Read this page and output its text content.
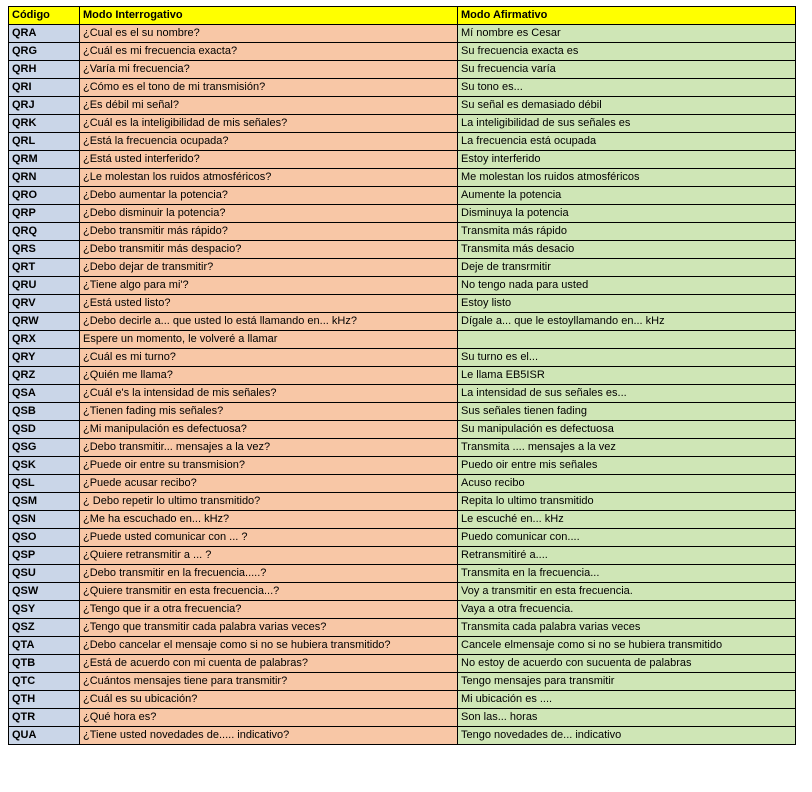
Código	Modo Interrogativo	Modo Afirmativo
QRA	¿Cual es el su nombre?	Mí nombre es Cesar
QRG	¿Cuál es mi frecuencia exacta?	Su frecuencia exacta es
QRH	¿Varía mi frecuencia?	Su frecuencia varía
QRI	¿Cómo es el tono de mi transmisión?	Su tono es...
QRJ	¿Es débil mi señal?	Su señal es demasiado débil
QRK	¿Cuál es la inteligibilidad de mis señales?	La inteligibilidad de sus señales es
QRL	¿Está la frecuencia ocupada?	La frecuencia está ocupada
QRM	¿Está usted interferido?	Estoy interferido
QRN	¿Le molestan los ruidos atmosféricos?	Me molestan los ruidos atmosféricos
QRO	¿Debo aumentar la potencia?	Aumente la potencia
QRP	¿Debo disminuir la potencia?	Disminuya la potencia
QRQ	¿Debo transmitir más rápido?	Transmita más rápido
QRS	¿Debo transmitir más despacio?	Transmita más desacio
QRT	¿Debo dejar de transmitir?	Deje de transrmitir
QRU	¿Tiene algo para mi'?	No tengo nada para usted
QRV	¿Está usted listo?	Estoy listo
QRW	¿Debo decirle a... que usted lo está llamando en... kHz?	Dígale a... que le estoyllamando en... kHz
QRX	Espere un momento, le volveré a llamar	
QRY	¿Cuál es mi turno?	Su turno es el...
QRZ	¿Quién me llama?	Le llama EB5ISR
QSA	¿Cuál e's la intensidad de mis señales?	La intensidad de sus señales es...
QSB	¿Tienen fading mis señales?	Sus señales tienen fading
QSD	¿Mi manipulación es defectuosa?	Su manipulación es defectuosa
QSG	¿Debo transmitir... mensajes a la vez?	Transmita .... mensajes a la vez
QSK	¿Puede oir entre su transmision?	Puedo oir entre mis señales
QSL	¿Puede acusar recibo?	Acuso recibo
QSM	¿ Debo repetir lo ultimo transmitido?	Repita lo ultimo transmitido
QSN	¿Me ha escuchado en... kHz?	Le escuché en... kHz
QSO	¿Puede usted comunicar con ... ?	Puedo comunicar con....
QSP	¿Quiere retransmitir a ... ?	Retransmitiré a....
QSU	¿Debo transmitir en la frecuencia.....?	Transmita en la frecuencia...
QSW	¿Quiere transmitir en esta frecuencia...?	Voy a transmitir en esta frecuencia.
QSY	¿Tengo que ir a otra frecuencia?	Vaya a otra frecuencia.
QSZ	¿Tengo que transmitir cada palabra varias veces?	Transmita cada palabra varias veces
QTA	¿Debo cancelar el mensaje como si no se hubiera transmitido?	Cancele elmensaje como si no se hubiera transmitido
QTB	¿Está de acuerdo con mi cuenta de palabras?	No estoy de acuerdo con sucuenta de palabras
QTC	¿Cuántos mensajes tiene para transmitir?	Tengo mensajes para transmitir
QTH	¿Cuál es su ubicación?	Mi ubicación es ....
QTR	¿Qué hora es?	Son las... horas
QUA	¿Tiene usted novedades de..... indicativo?	Tengo novedades de... indicativo
